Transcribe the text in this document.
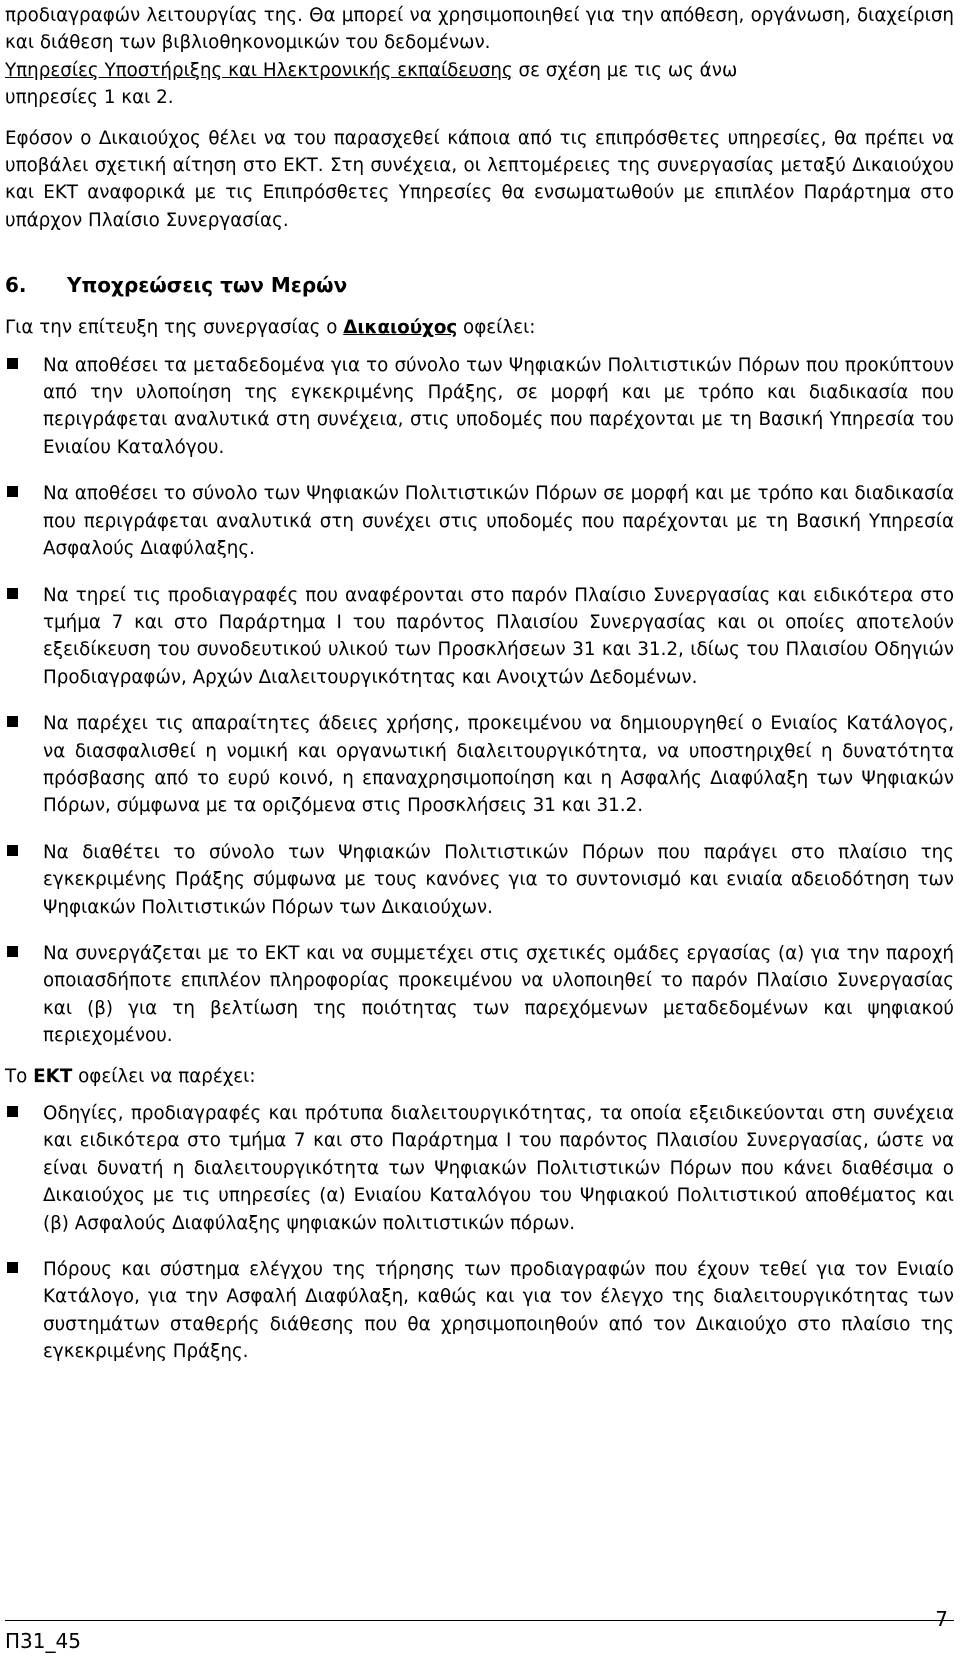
προδιαγραφών λειτουργίας της. Θα μπορεί να χρησιμοποιηθεί για την απόθεση, οργάνωση, διαχείριση και διάθεση των βιβλιοθηκονομικών του δεδομένων.

Υπηρεσίες Υποστήριξης και Ηλεκτρονικής εκπαίδευσης σε σχέση με τις ως άνω

υπηρεσίες 1 και 2.

Εφόσον ο Δικαιούχος θέλει να του παρασχεθεί κάποια από τις επιπρόσθετες υπηρεσίες, θα πρέπει να υποβάλει σχετική αίτηση στο ΕΚΤ. Στη συνέχεια, οι λεπτομέρειες της συνεργασίας μεταξύ Δικαιούχου και ΕΚΤ αναφορικά με τις Επιπρόσθετες Υπηρεσίες θα ενσωματωθούν με επιπλέον Παράρτημα στο υπάρχον Πλαίσιο Συνεργασίας.

6.	Υποχρεώσεις των Μερών

Για την επίτευξη της συνεργασίας ο Δικαιούχος οφείλει:

Να αποθέσει τα μεταδεδομένα για το σύνολο των Ψηφιακών Πολιτιστικών Πόρων που προκύπτουν από την υλοποίηση της εγκεκριμένης Πράξης, σε μορφή και με τρόπο και διαδικασία που περιγράφεται αναλυτικά στη συνέχεια, στις υποδομές που παρέχονται με τη Βασική Υπηρεσία του Ενιαίου Καταλόγου.
Να αποθέσει το σύνολο των Ψηφιακών Πολιτιστικών Πόρων σε μορφή και με τρόπο και διαδικασία που περιγράφεται αναλυτικά στη συνέχει στις υποδομές που παρέχονται με τη Βασική Υπηρεσία Ασφαλούς Διαφύλαξης.
Να τηρεί τις προδιαγραφές που αναφέρονται στο παρόν Πλαίσιο Συνεργασίας και ειδικότερα στο τμήμα 7 και στο Παράρτημα Ι του παρόντος Πλαισίου Συνεργασίας και οι οποίες αποτελούν εξειδίκευση του συνοδευτικού υλικού των Προσκλήσεων 31 και 31.2, ιδίως του Πλαισίου Οδηγιών Προδιαγραφών, Αρχών Διαλειτουργικότητας και Ανοιχτών Δεδομένων.
Να παρέχει τις απαραίτητες άδειες χρήσης, προκειμένου να δημιουργηθεί ο Ενιαίος Κατάλογος, να διασφαλισθεί η νομική και οργανωτική διαλειτουργικότητα, να υποστηριχθεί η δυνατότητα πρόσβασης από το ευρύ κοινό, η επαναχρησιμοποίηση και η Ασφαλής Διαφύλαξη των Ψηφιακών Πόρων, σύμφωνα με τα οριζόμενα στις Προσκλήσεις 31 και 31.2.
Να διαθέτει το σύνολο των Ψηφιακών Πολιτιστικών Πόρων που παράγει στο πλαίσιο της εγκεκριμένης Πράξης σύμφωνα με τους κανόνες για το συντονισμό και ενιαία αδειοδότηση των Ψηφιακών Πολιτιστικών Πόρων των Δικαιούχων.
Να συνεργάζεται με το ΕΚΤ και να συμμετέχει στις σχετικές ομάδες εργασίας (α) για την παροχή οποιασδήποτε επιπλέον πληροφορίας προκειμένου να υλοποιηθεί το παρόν Πλαίσιο Συνεργασίας και (β) για τη βελτίωση της ποιότητας των παρεχόμενων μεταδεδομένων και ψηφιακού περιεχομένου.

Το ΕΚΤ οφείλει να παρέχει:

Οδηγίες, προδιαγραφές και πρότυπα διαλειτουργικότητας, τα οποία εξειδικεύονται στη συνέχεια και ειδικότερα στο τμήμα 7 και στο Παράρτημα Ι του παρόντος Πλαισίου Συνεργασίας, ώστε να είναι δυνατή η διαλειτουργικότητα των Ψηφιακών Πολιτιστικών Πόρων που κάνει διαθέσιμα ο Δικαιούχος με τις υπηρεσίες (α) Ενιαίου Καταλόγου του Ψηφιακού Πολιτιστικού αποθέματος και (β) Ασφαλούς Διαφύλαξης ψηφιακών πολιτιστικών πόρων.
Πόρους και σύστημα ελέγχου της τήρησης των προδιαγραφών που έχουν τεθεί για τον Ενιαίο Κατάλογο, για την Ασφαλή Διαφύλαξη, καθώς και για τον έλεγχο της διαλειτουργικότητας των συστημάτων σταθερής διάθεσης που θα χρησιμοποιηθούν από τον Δικαιούχο στο πλαίσιο της εγκεκριμένης Πράξης.
Π31_45
7
